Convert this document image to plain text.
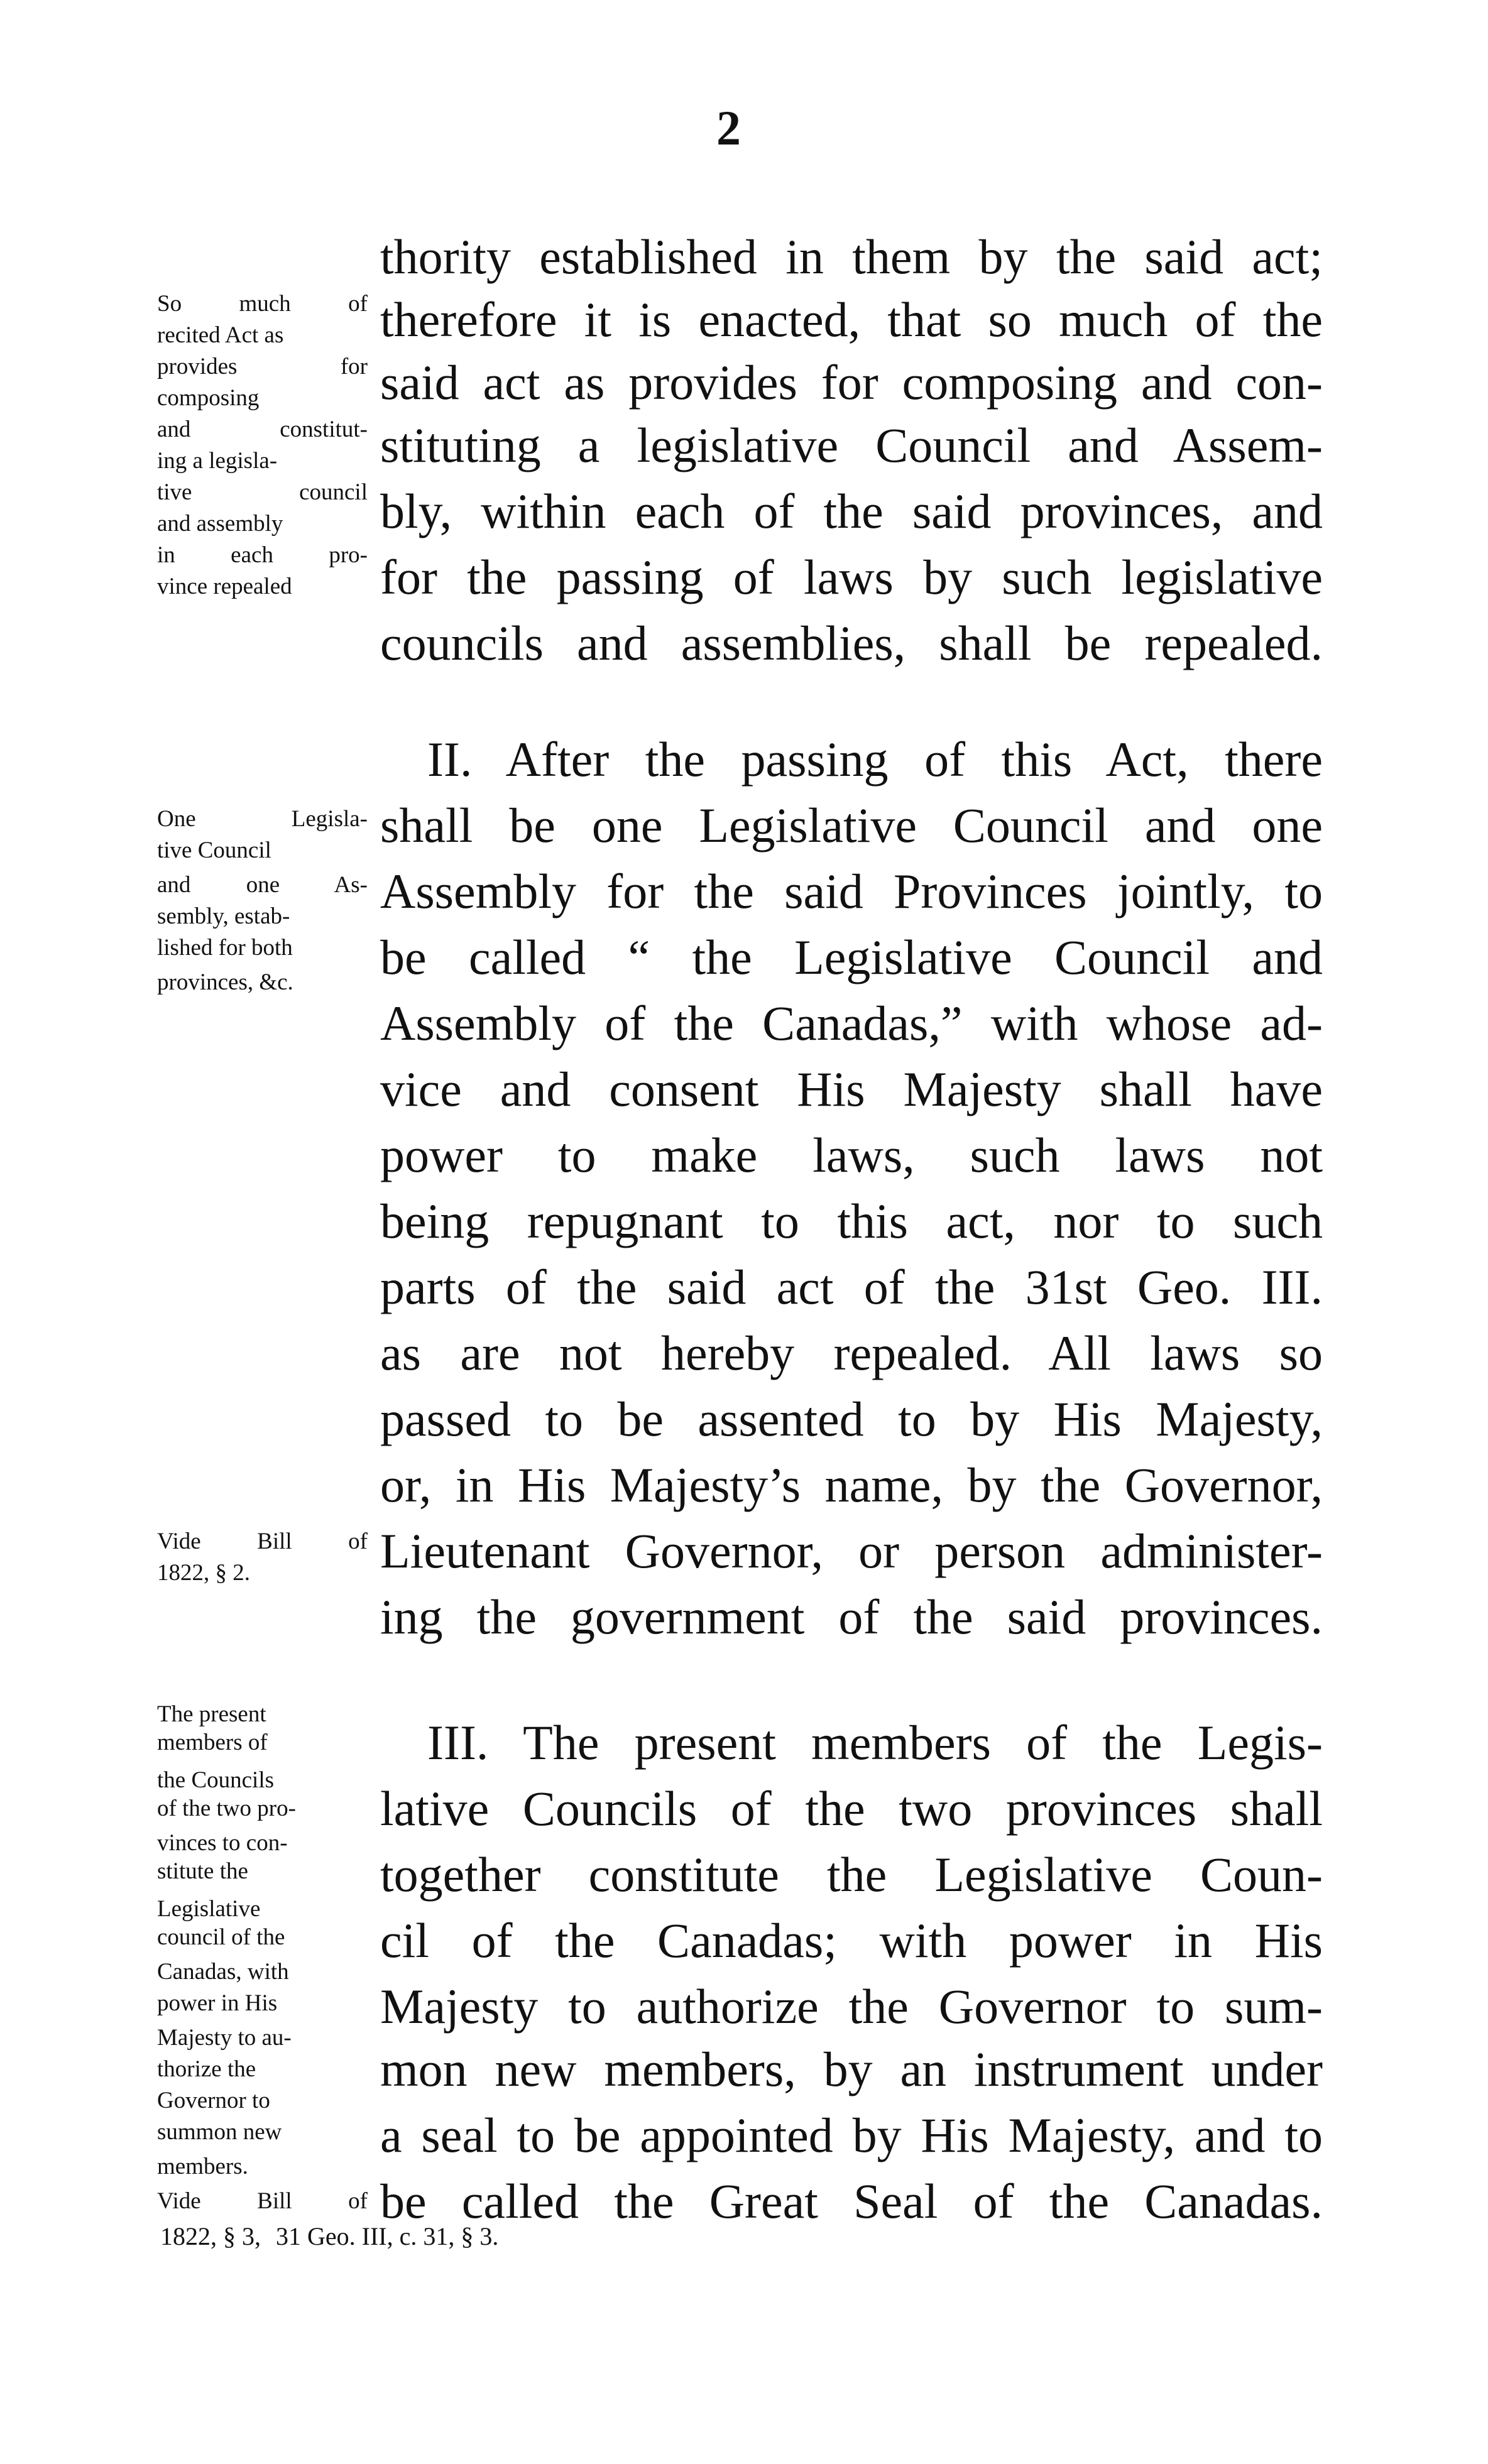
2
thority established in them by the said act;
therefore it is enacted, that so much of the
said act as provides for composing and con-
stituting a legislative Council and Assem-
bly, within each of the said provinces, and
for the passing of laws by such legislative
councils and assemblies, shall be repealed.
II. After the passing of this Act, there
shall be one Legislative Council and one
Assembly for the said Provinces jointly, to
be called “ the Legislative Council and
Assembly of the Canadas,” with whose ad-
vice and consent His Majesty shall have
power to make laws, such laws not
being repugnant to this act, nor to such
parts of the said act of the 31st Geo. III.
as are not hereby repealed. All laws so
passed to be assented to by His Majesty,
or, in His Majesty’s name, by the Governor,
Lieutenant Governor, or person administer-
ing the government of the said provinces.
III. The present members of the Legis-
lative Councils of the two provinces shall
together constitute the Legislative Coun-
cil of the Canadas; with power in His
Majesty to authorize the Governor to sum-
mon new members, by an instrument under
a seal to be appointed by His Majesty, and to
be called the Great Seal of the Canadas.
So much of
recited Act as
provides for
composing
and constitut-
ing a legisla-
tive council
and assembly
in each pro-
vince repealed
One Legisla-
tive Council
and one As-
sembly, estab-
lished for both
provinces, &c.
Vide Bill of
1822, § 2.
The present
members of
the Councils
of the two pro-
vinces to con-
stitute the
Legislative
council of the
Canadas, with
power in His
Majesty to au-
thorize the
Governor to
summon new
members.
Vide Bill of
1822, § 3, 31 Geo. III, c. 31, § 3.
